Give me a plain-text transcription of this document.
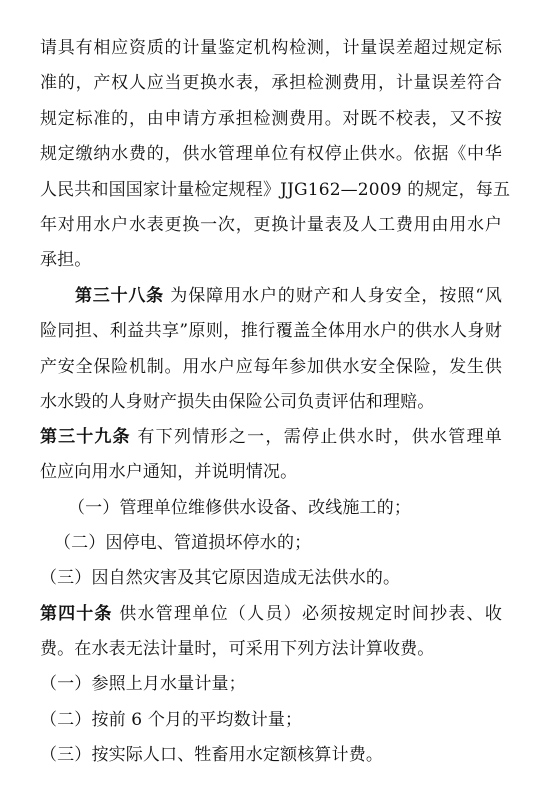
请具有相应资质的计量鉴定机构检测，计量误差超过规定标
准的，产权人应当更换水表，承担检测费用，计量误差符合
规定标准的，由申请方承担检测费用。对既不校表，又不按
规定缴纳水费的，供水管理单位有权停止供水。依据《中华
人民共和国国家计量检定规程》JJG162—2009 的规定，每五
年对用水户水表更换一次，更换计量表及人工费用由用水户
承担。
第三十八条 为保障用水户的财产和人身安全，按照“风
险同担、利益共享”原则，推行覆盖全体用水户的供水人身财
产安全保险机制。用水户应每年参加供水安全保险，发生供
水水毁的人身财产损失由保险公司负责评估和理赔。
第三十九条 有下列情形之一，需停止供水时，供水管理单
位应向用水户通知，并说明情况。
（一）管理单位维修供水设备、改线施工的；
（二）因停电、管道损坏停水的；
（三）因自然灾害及其它原因造成无法供水的。
第四十条 供水管理单位（人员）必须按规定时间抄表、收
费。在水表无法计量时，可采用下列方法计算收费。
（一）参照上月水量计量；
（二）按前 6 个月的平均数计量；
（三）按实际人口、牲畜用水定额核算计费。
